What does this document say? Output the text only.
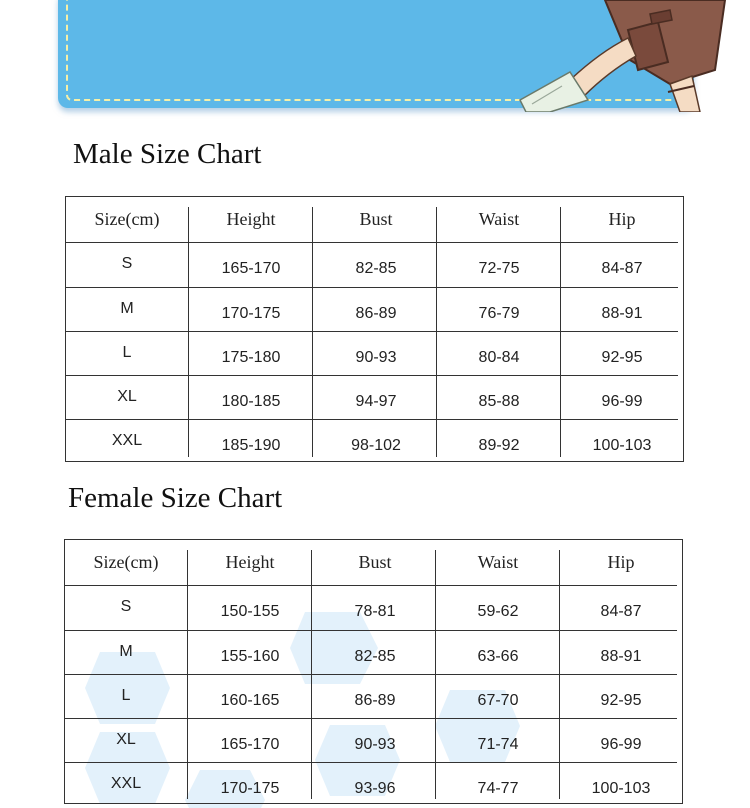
Male Size Chart
Size(cm)	Height	Bust	Waist	Hip
S	165-170	82-85	72-75	84-87
M	170-175	86-89	76-79	88-91
L	175-180	90-93	80-84	92-95
XL	180-185	94-97	85-88	96-99
XXL	185-190	98-102	89-92	100-103
Female Size Chart
Size(cm)	Height	Bust	Waist	Hip
S	150-155	78-81	59-62	84-87
M	155-160	82-85	63-66	88-91
L	160-165	86-89	67-70	92-95
XL	165-170	90-93	71-74	96-99
XXL	170-175	93-96	74-77	100-103
